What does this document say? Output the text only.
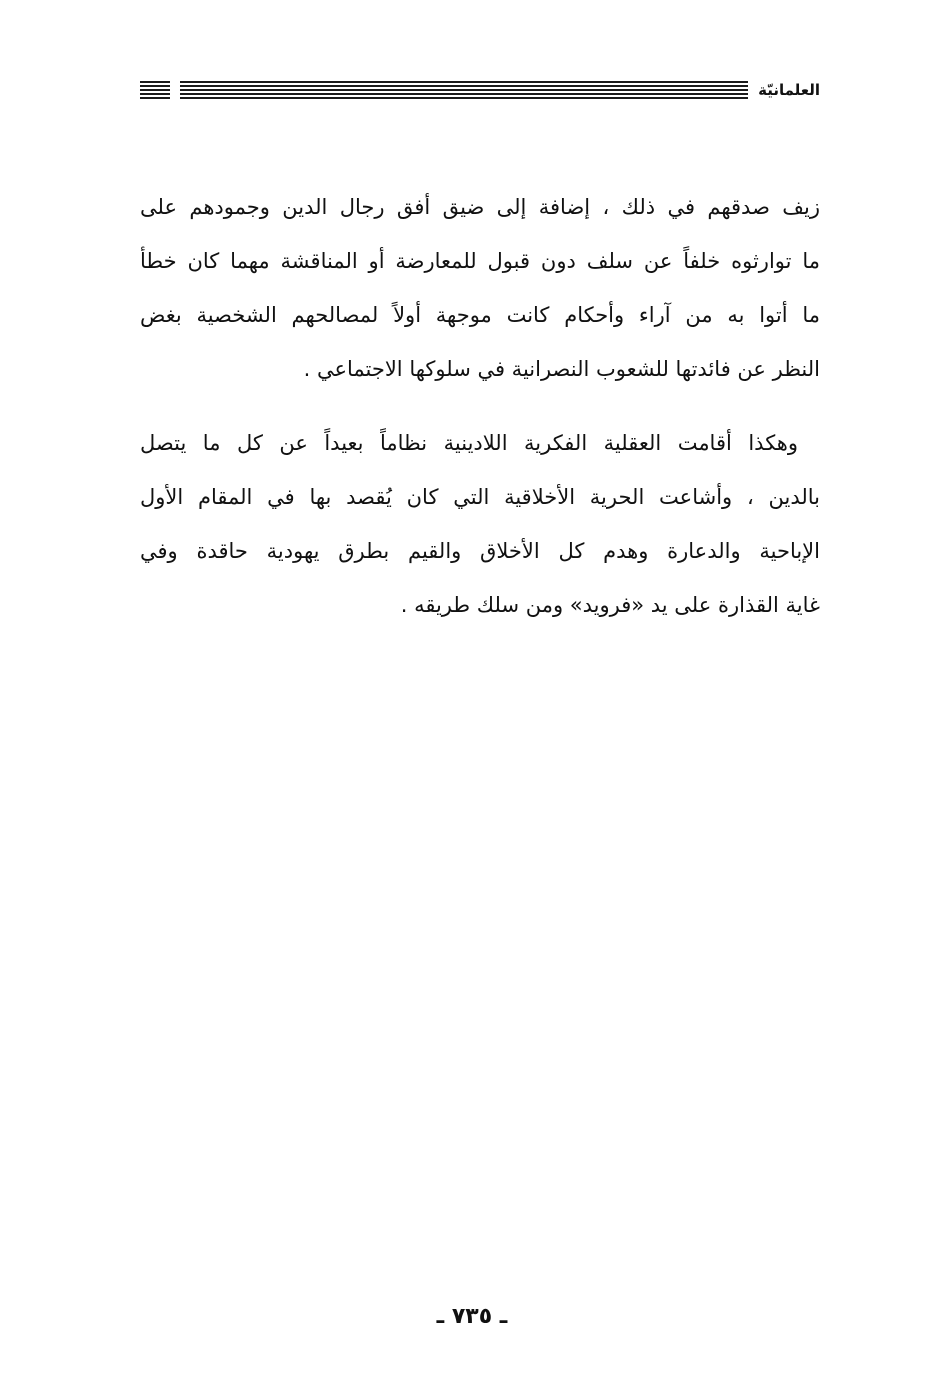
العلمانيّة

زيف صدقهم في ذلك ، إضافة إلى ضيق أفق رجال الدين وجمودهم على
ما توارثوه خلفاً عن سلف دون قبول للمعارضة أو المناقشة مهما كان خطأ
ما أتوا به من آراء وأحكام كانت موجهة أولاً لمصالحهم الشخصية بغض
النظر عن فائدتها للشعوب النصرانية في سلوكها الاجتماعي .

وهكذا أقامت العقلية الفكرية اللادينية نظاماً بعيداً عن كل ما يتصل
بالدين ، وأشاعت الحرية الأخلاقية التي كان يُقصد بها في المقام الأول
الإباحية والدعارة وهدم كل الأخلاق والقيم بطرق يهودية حاقدة وفي
غاية القذارة على يد «فرويد» ومن سلك طريقه .

ـ ٧٣٥ ـ
